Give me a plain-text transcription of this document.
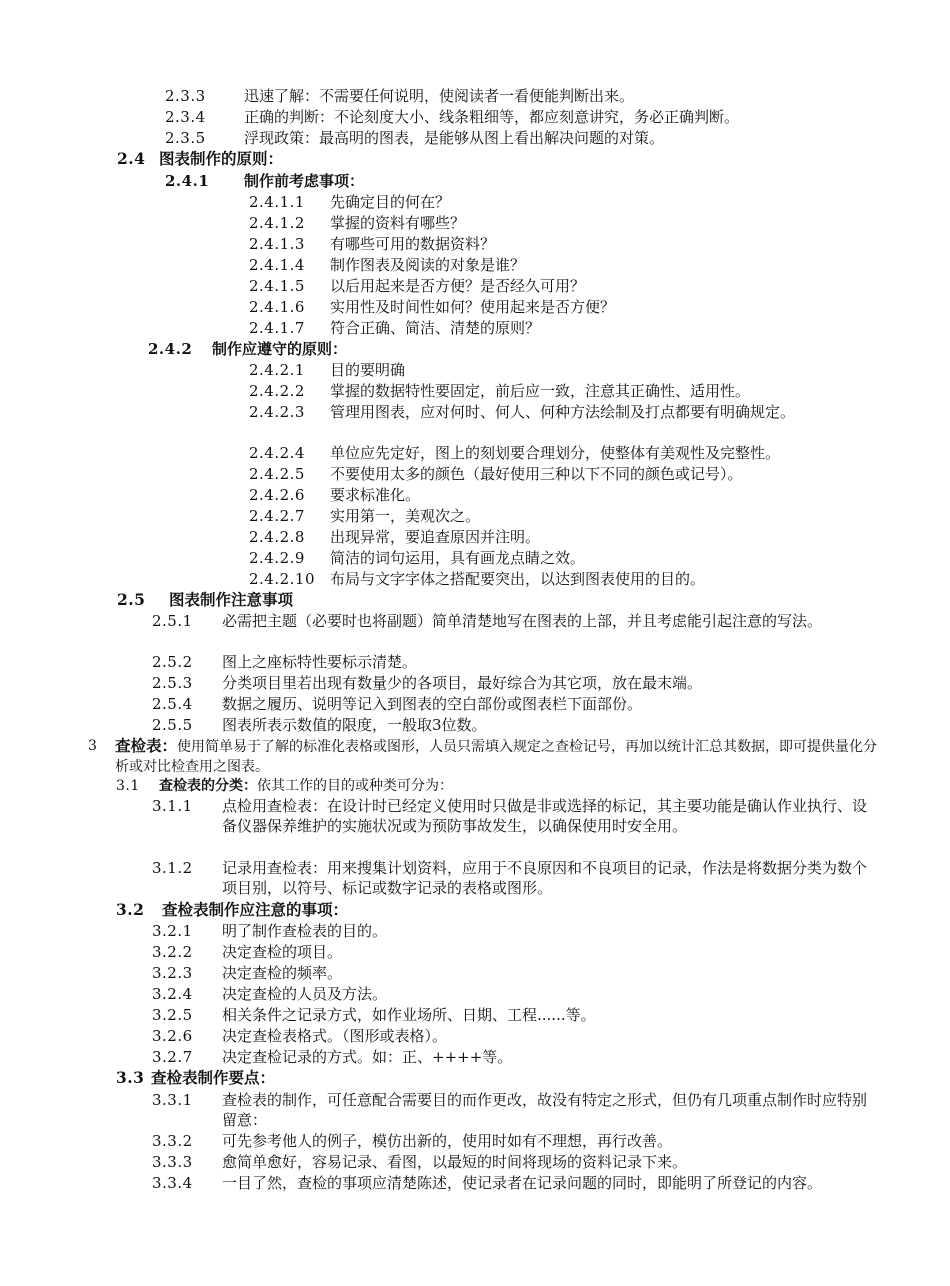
2.3.3	迅速了解：不需要任何说明，使阅读者一看便能判断出来。
2.3.4	正确的判断：不论刻度大小、线条粗细等，都应刻意讲究，务必正确判断。
2.3.5	浮现政策：最高明的图表，是能够从图上看出解决问题的对策。
2.4 图表制作的原则：
2.4.1 制作前考虑事项：
2.4.1.1 先确定目的何在？
2.4.1.2 掌握的资料有哪些？
2.4.1.3 有哪些可用的数据资料？
2.4.1.4 制作图表及阅读的对象是谁？
2.4.1.5 以后用起来是否方便？是否经久可用？
2.4.1.6 实用性及时间性如何？使用起来是否方便？
2.4.1.7 符合正确、简洁、清楚的原则？
2.4.2 制作应遵守的原则：
2.4.2.1 目的要明确
2.4.2.2 掌握的数据特性要固定，前后应一致，注意其正确性、适用性。
2.4.2.3 管理用图表，应对何时、何人、何种方法绘制及打点都要有明确规定。
2.4.2.4 单位应先定好，图上的刻划要合理划分，使整体有美观性及完整性。
2.4.2.5 不要使用太多的颜色（最好使用三种以下不同的颜色或记号）。
2.4.2.6 要求标准化。
2.4.2.7 实用第一，美观次之。
2.4.2.8 出现异常，要追查原因并注明。
2.4.2.9 简洁的词句运用，具有画龙点睛之效。
2.4.2.10 布局与文字字体之搭配要突出，以达到图表使用的目的。
2.5 图表制作注意事项
2.5.1 必需把主题（必要时也将副题）简单清楚地写在图表的上部，并且考虑能引起注意的写法。
2.5.2 图上之座标特性要标示清楚。
2.5.3 分类项目里若出现有数量少的各项目，最好综合为其它项，放在最末端。
2.5.4 数据之履历、说明等记入到图表的空白部份或图表栏下面部份。
2.5.5 图表所表示数值的限度，一般取3位数。
3 查检表：使用简单易于了解的标准化表格或图形，人员只需填入规定之查检记号，再加以统计汇总其数据，即可提供量化分析或对比检查用之图表。
3.1 查检表的分类：依其工作的目的或种类可分为：
3.1.1 点检用查检表：在设计时已经定义使用时只做是非或选择的标记，其主要功能是确认作业执行、设备仪器保养维护的实施状况或为预防事故发生，以确保使用时安全用。
3.1.2 记录用查检表：用来搜集计划资料，应用于不良原因和不良项目的记录，作法是将数据分类为数个项目别，以符号、标记或数字记录的表格或图形。
3.2 查检表制作应注意的事项：
3.2.1 明了制作查检表的目的。
3.2.2 决定查检的项目。
3.2.3 决定查检的频率。
3.2.4 决定查检的人员及方法。
3.2.5 相关条件之记录方式，如作业场所、日期、工程......等。
3.2.6 决定查检表格式。（图形或表格）。
3.2.7 决定查检记录的方式。如：正、++++等。
3.3 查检表制作要点：
3.3.1 查检表的制作，可任意配合需要目的而作更改，故没有特定之形式，但仍有几项重点制作时应特别留意：
3.3.2 可先参考他人的例子，模仿出新的，使用时如有不理想，再行改善。
3.3.3 愈简单愈好，容易记录、看图，以最短的时间将现场的资料记录下来。
3.3.4 一目了然，查检的事项应清楚陈述，使记录者在记录问题的同时，即能明了所登记的内容。
